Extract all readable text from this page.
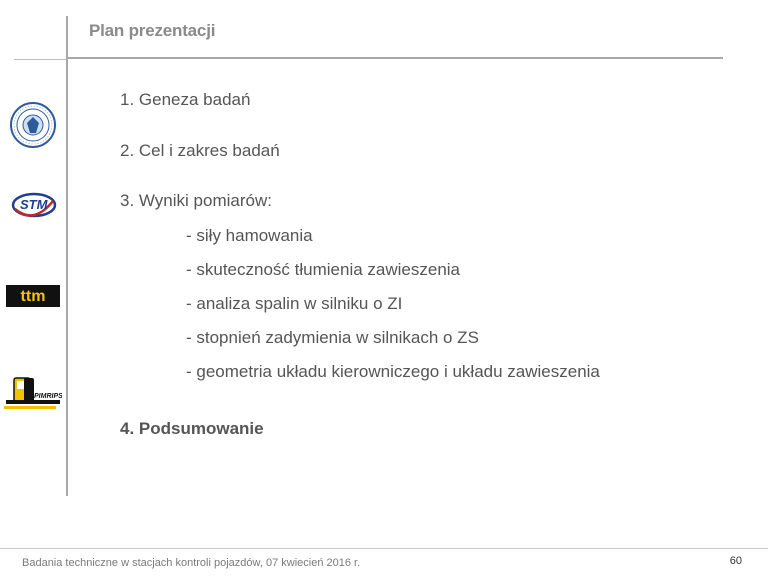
Plan prezentacji
1. Geneza badań
2. Cel i zakres badań
3. Wyniki pomiarów:
- siły hamowania
- skuteczność tłumienia zawieszenia
- analiza spalin w silniku o ZI
- stopnień zadymienia w silnikach o ZS
- geometria układu kierowniczego i układu zawieszenia
4. Podsumowanie
STM
ttm
PIMRIPS
Badania techniczne w stacjach kontroli pojazdów, 07 kwiecień 2016 r.	60
